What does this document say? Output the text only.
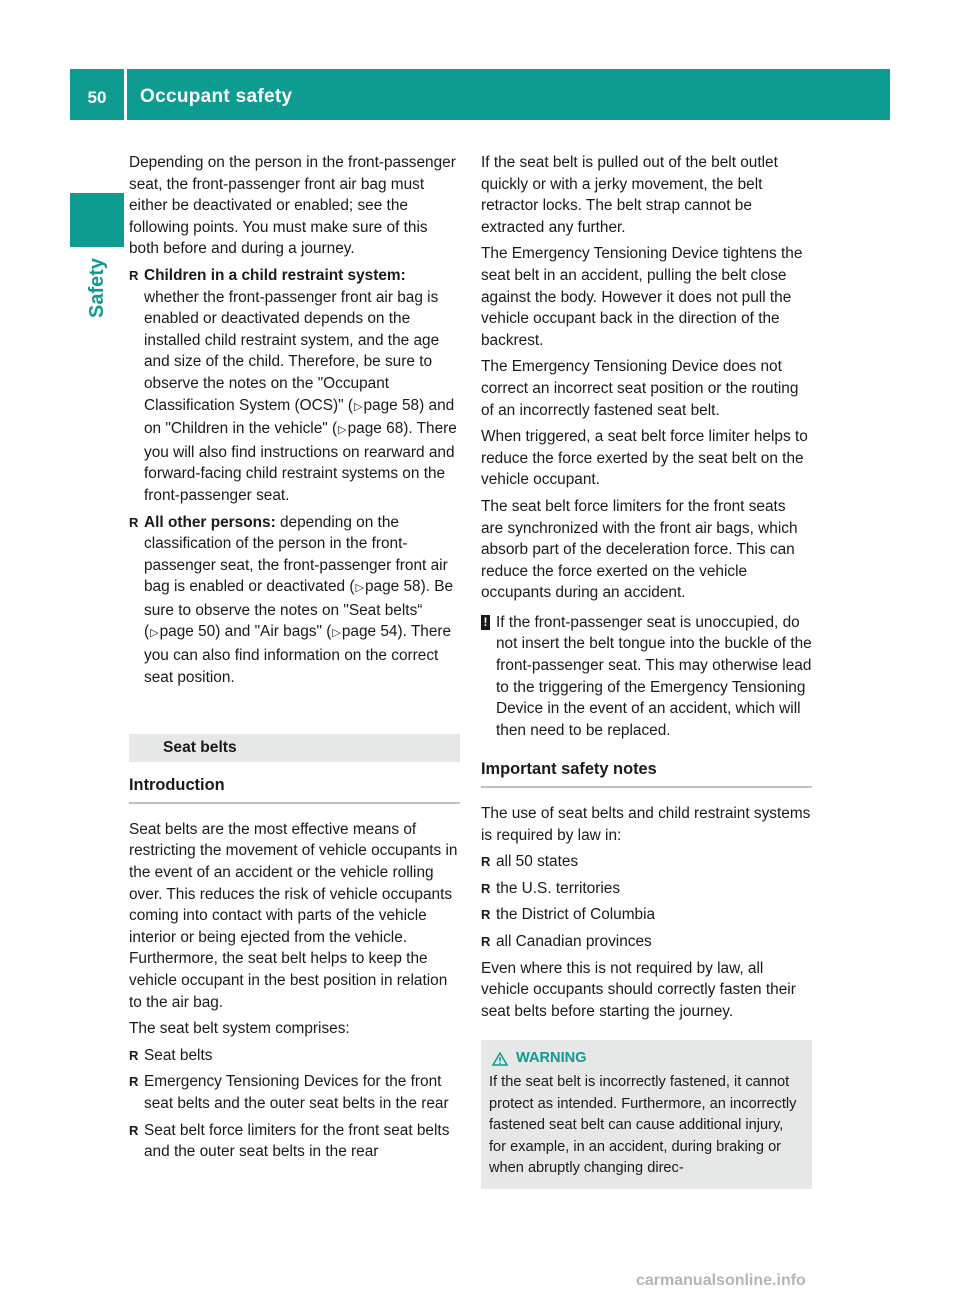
50	Occupant safety
Safety

Depending on the person in the front-passenger seat, the front-passenger front air bag must either be deactivated or enabled; see the following points. You must make sure of this both before and during a journey.

R Children in a child restraint system:
whether the front-passenger front air bag is enabled or deactivated depends on the installed child restraint system, and the age and size of the child. Therefore, be sure to observe the notes on the "Occupant Classification System (OCS)" (▷page 58) and on "Children in the vehicle" (▷page 68). There you will also find instructions on rearward and forward-facing child restraint systems on the front-passenger seat.
R All other persons: depending on the classification of the person in the front-passenger seat, the front-passenger front air bag is enabled or deactivated (▷page 58). Be sure to observe the notes on "Seat belts“ (▷page 50) and "Air bags" (▷page 54). There you can also find information on the correct seat position.
Seat belts
Introduction

Seat belts are the most effective means of restricting the movement of vehicle occupants in the event of an accident or the vehicle rolling over. This reduces the risk of vehicle occupants coming into contact with parts of the vehicle interior or being ejected from the vehicle. Furthermore, the seat belt helps to keep the vehicle occupant in the best position in relation to the air bag.

The seat belt system comprises:

R Seat belts
R Emergency Tensioning Devices for the front seat belts and the outer seat belts in the rear
R Seat belt force limiters for the front seat belts and the outer seat belts in the rear

If the seat belt is pulled out of the belt outlet quickly or with a jerky movement, the belt retractor locks. The belt strap cannot be extracted any further.

The Emergency Tensioning Device tightens the seat belt in an accident, pulling the belt close against the body. However it does not pull the vehicle occupant back in the direction of the backrest.

The Emergency Tensioning Device does not correct an incorrect seat position or the routing of an incorrectly fastened seat belt.

When triggered, a seat belt force limiter helps to reduce the force exerted by the seat belt on the vehicle occupant.

The seat belt force limiters for the front seats are synchronized with the front air bags, which absorb part of the deceleration force. This can reduce the force exerted on the vehicle occupants during an accident.

! If the front-passenger seat is unoccupied, do not insert the belt tongue into the buckle of the front-passenger seat. This may otherwise lead to the triggering of the Emergency Tensioning Device in the event of an accident, which will then need to be replaced.
Important safety notes

The use of seat belts and child restraint systems is required by law in:

R all 50 states
R the U.S. territories
R the District of Columbia
R all Canadian provinces

Even where this is not required by law, all vehicle occupants should correctly fasten their seat belts before starting the journey.

WARNING
If the seat belt is incorrectly fastened, it cannot protect as intended. Furthermore, an incorrectly fastened seat belt can cause additional injury, for example, in an accident, during braking or when abruptly changing direc-
carmanualsonline.info
